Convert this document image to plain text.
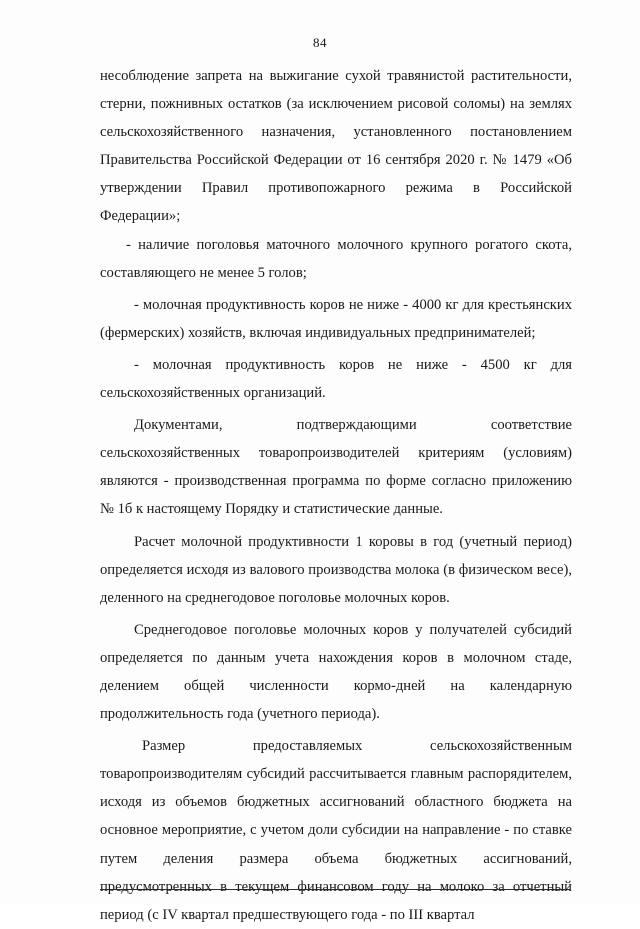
84

несоблюдение запрета на выжигание сухой травянистой растительности, стерни, пожнивных остатков (за исключением рисовой соломы) на землях сельскохозяйственного назначения, установленного постановлением Правительства Российской Федерации от 16 сентября 2020 г. № 1479 «Об утверждении Правил противопожарного режима в Российской Федерации»;

- наличие поголовья маточного молочного крупного рогатого скота, составляющего не менее 5 голов;

- молочная продуктивность коров не ниже - 4000 кг для крестьянских (фермерских) хозяйств, включая индивидуальных предпринимателей;

- молочная продуктивность коров не ниже - 4500 кг для сельскохозяйственных организаций.

Документами, подтверждающими соответствие сельскохозяйственных товаропроизводителей критериям (условиям) являются - производственная программа по форме согласно приложению № 1б к настоящему Порядку и статистические данные.

Расчет молочной продуктивности 1 коровы в год (учетный период) определяется исходя из валового производства молока (в физическом весе), деленного на среднегодовое поголовье молочных коров.

Среднегодовое поголовье молочных коров у получателей субсидий определяется по данным учета нахождения коров в молочном стаде, делением общей численности кормо-дней на календарную продолжительность года (учетного периода).

Размер предоставляемых сельскохозяйственным товаропроизводителям субсидий рассчитывается главным распорядителем, исходя из объемов бюджетных ассигнований областного бюджета на основное мероприятие, с учетом доли субсидии на направление - по ставке путем деления размера объема бюджетных ассигнований, предусмотренных в текущем финансовом году на молоко за отчетный период (с IV квартал предшествующего года - по III квартал
